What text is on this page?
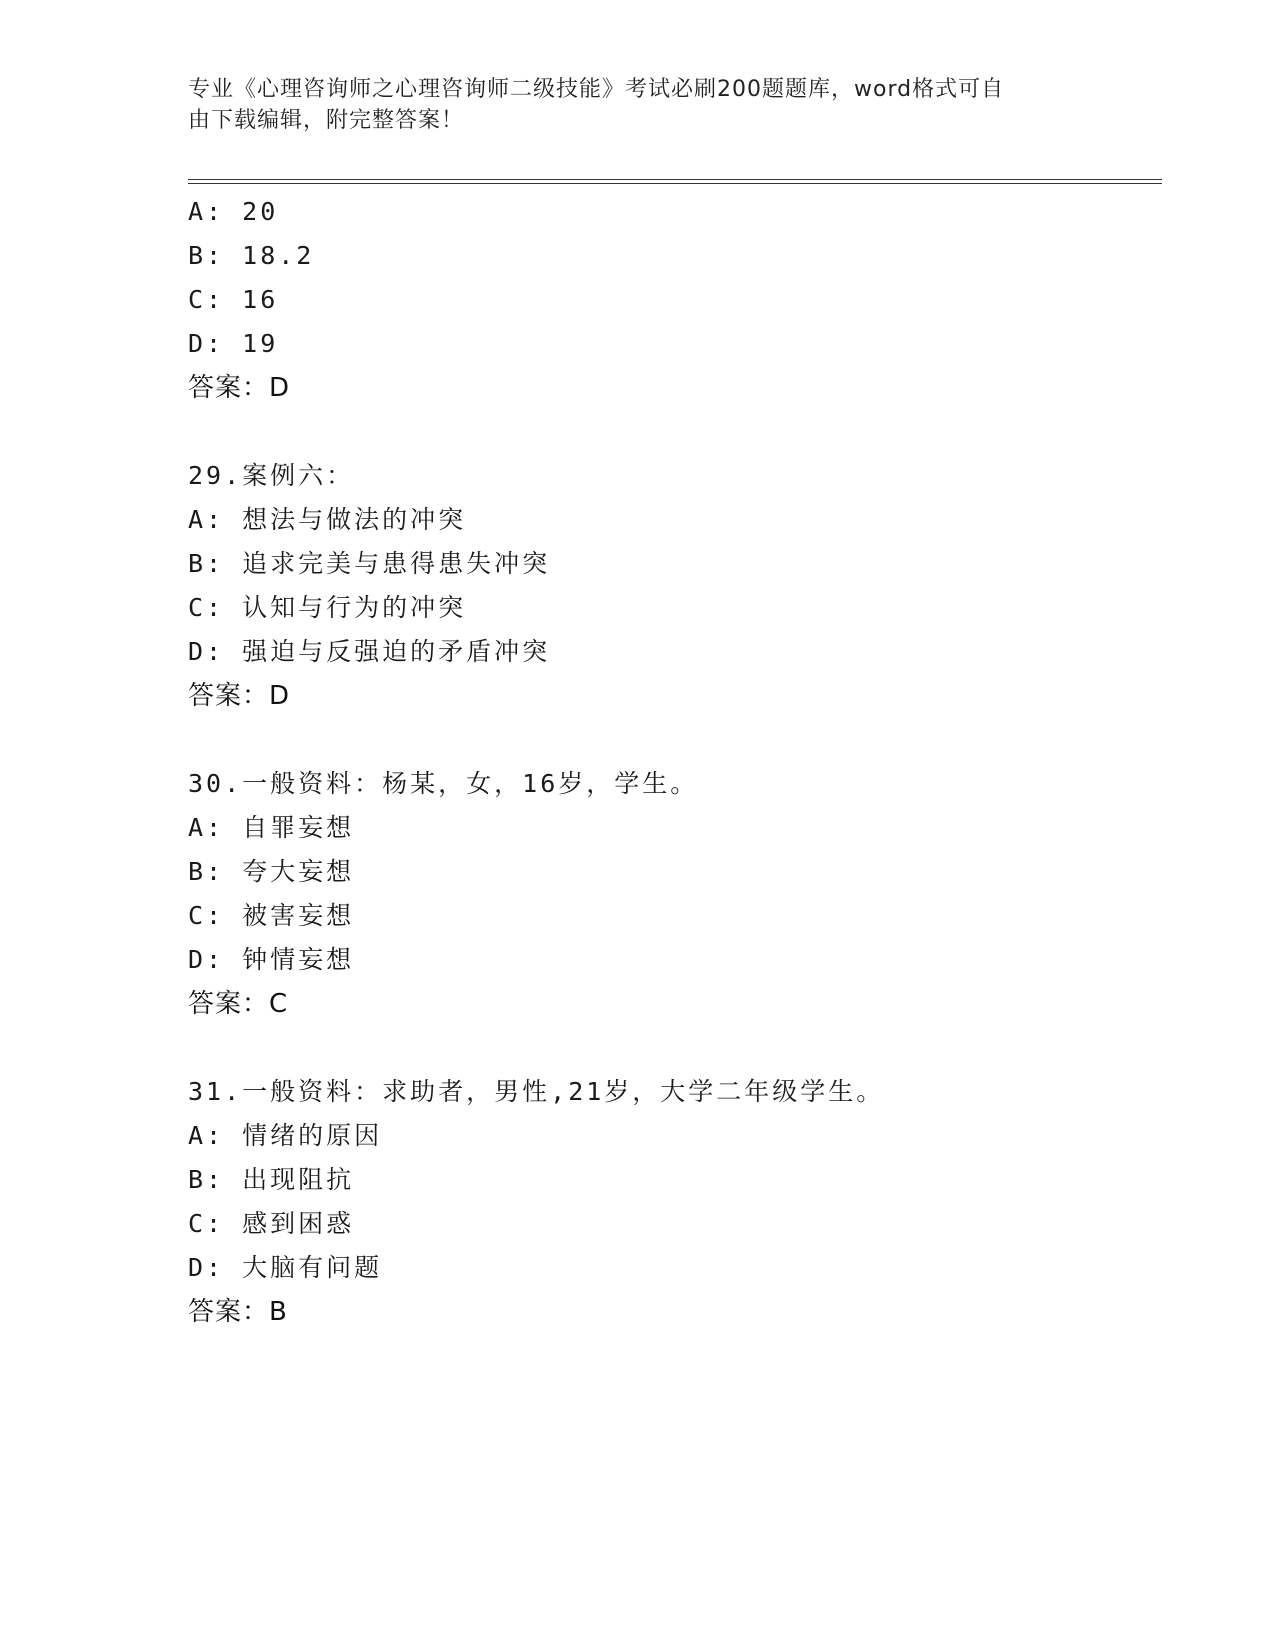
专业《心理咨询师之心理咨询师二级技能》考试必刷200题题库，word格式可自
由下载编辑，附完整答案！
A: 20
B: 18.2
C: 16
D: 19
答案：D
29.案例六：
A: 想法与做法的冲突
B: 追求完美与患得患失冲突
C: 认知与行为的冲突
D: 强迫与反强迫的矛盾冲突
答案：D
30.一般资料：杨某，女，16岁，学生。
A: 自罪妄想
B: 夸大妄想
C: 被害妄想
D: 钟情妄想
答案：C
31.一般资料：求助者，男性,21岁，大学二年级学生。
A: 情绪的原因
B: 出现阻抗
C: 感到困惑
D: 大脑有问题
答案：B
